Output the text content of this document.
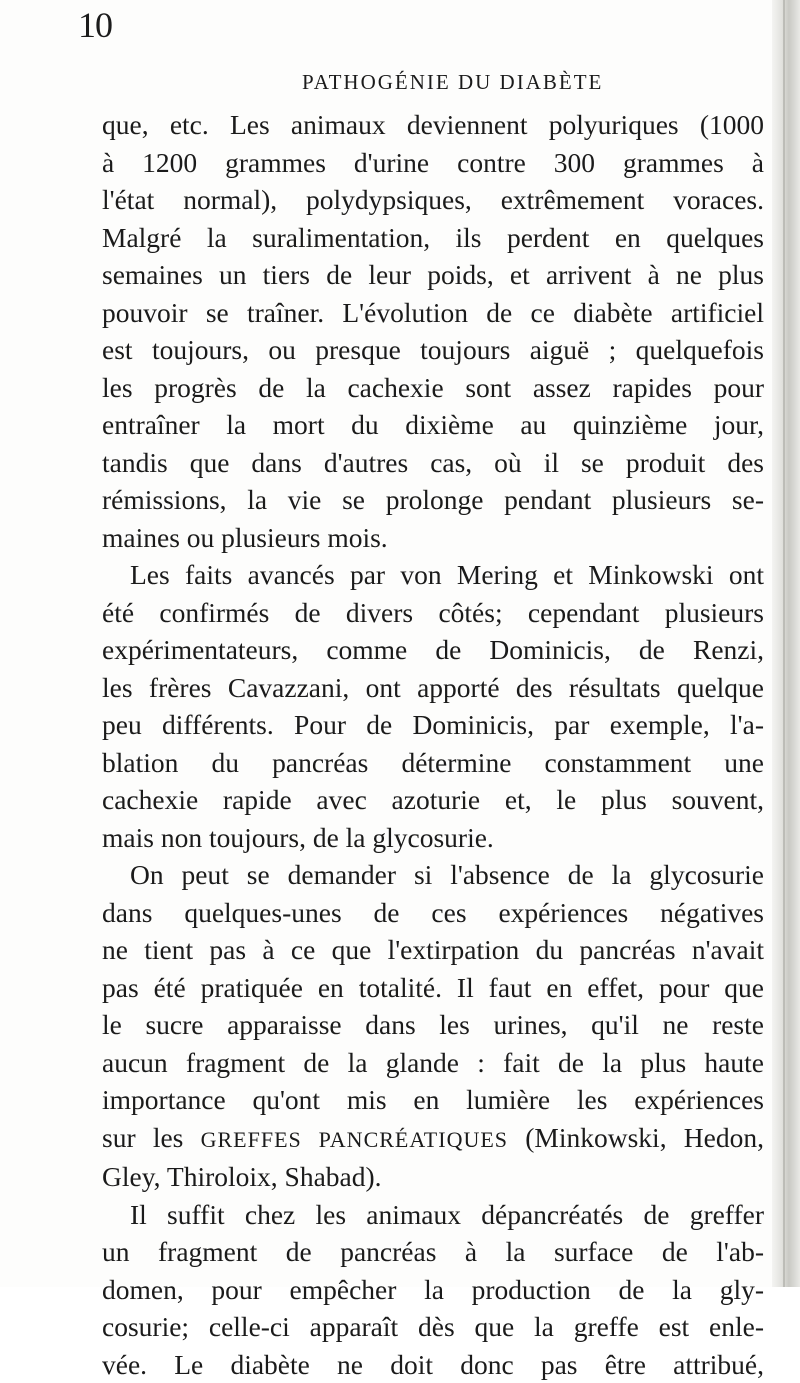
10
PATHOGÉNIE DU DIABÈTE
que, etc. Les animaux deviennent polyuriques (1000
à 1200 grammes d'urine contre 300 grammes à
l'état normal), polydypsiques, extrêmement voraces.
Malgré la suralimentation, ils perdent en quelques
semaines un tiers de leur poids, et arrivent à ne plus
pouvoir se traîner. L'évolution de ce diabète artificiel
est toujours, ou presque toujours aiguë ; quelquefois
les progrès de la cachexie sont assez rapides pour
entraîner la mort du dixième au quinzième jour,
tandis que dans d'autres cas, où il se produit des
rémissions, la vie se prolonge pendant plusieurs se-
maines ou plusieurs mois.
Les faits avancés par von Mering et Minkowski ont
été confirmés de divers côtés; cependant plusieurs
expérimentateurs, comme de Dominicis, de Renzi,
les frères Cavazzani, ont apporté des résultats quelque
peu différents. Pour de Dominicis, par exemple, l'a-
blation du pancréas détermine constamment une
cachexie rapide avec azoturie et, le plus souvent,
mais non toujours, de la glycosurie.
On peut se demander si l'absence de la glycosurie
dans quelques-unes de ces expériences négatives
ne tient pas à ce que l'extirpation du pancréas n'avait
pas été pratiquée en totalité. Il faut en effet, pour que
le sucre apparaisse dans les urines, qu'il ne reste
aucun fragment de la glande : fait de la plus haute
importance qu'ont mis en lumière les expériences
sur les GREFFES PANCRÉATIQUES (Minkowski, Hedon,
Gley, Thiroloix, Shabad).
Il suffit chez les animaux dépancréatés de greffer
un fragment de pancréas à la surface de l'ab-
domen, pour empêcher la production de la gly-
cosurie; celle-ci apparaît dès que la greffe est enle-
vée. Le diabète ne doit donc pas être attribué,
